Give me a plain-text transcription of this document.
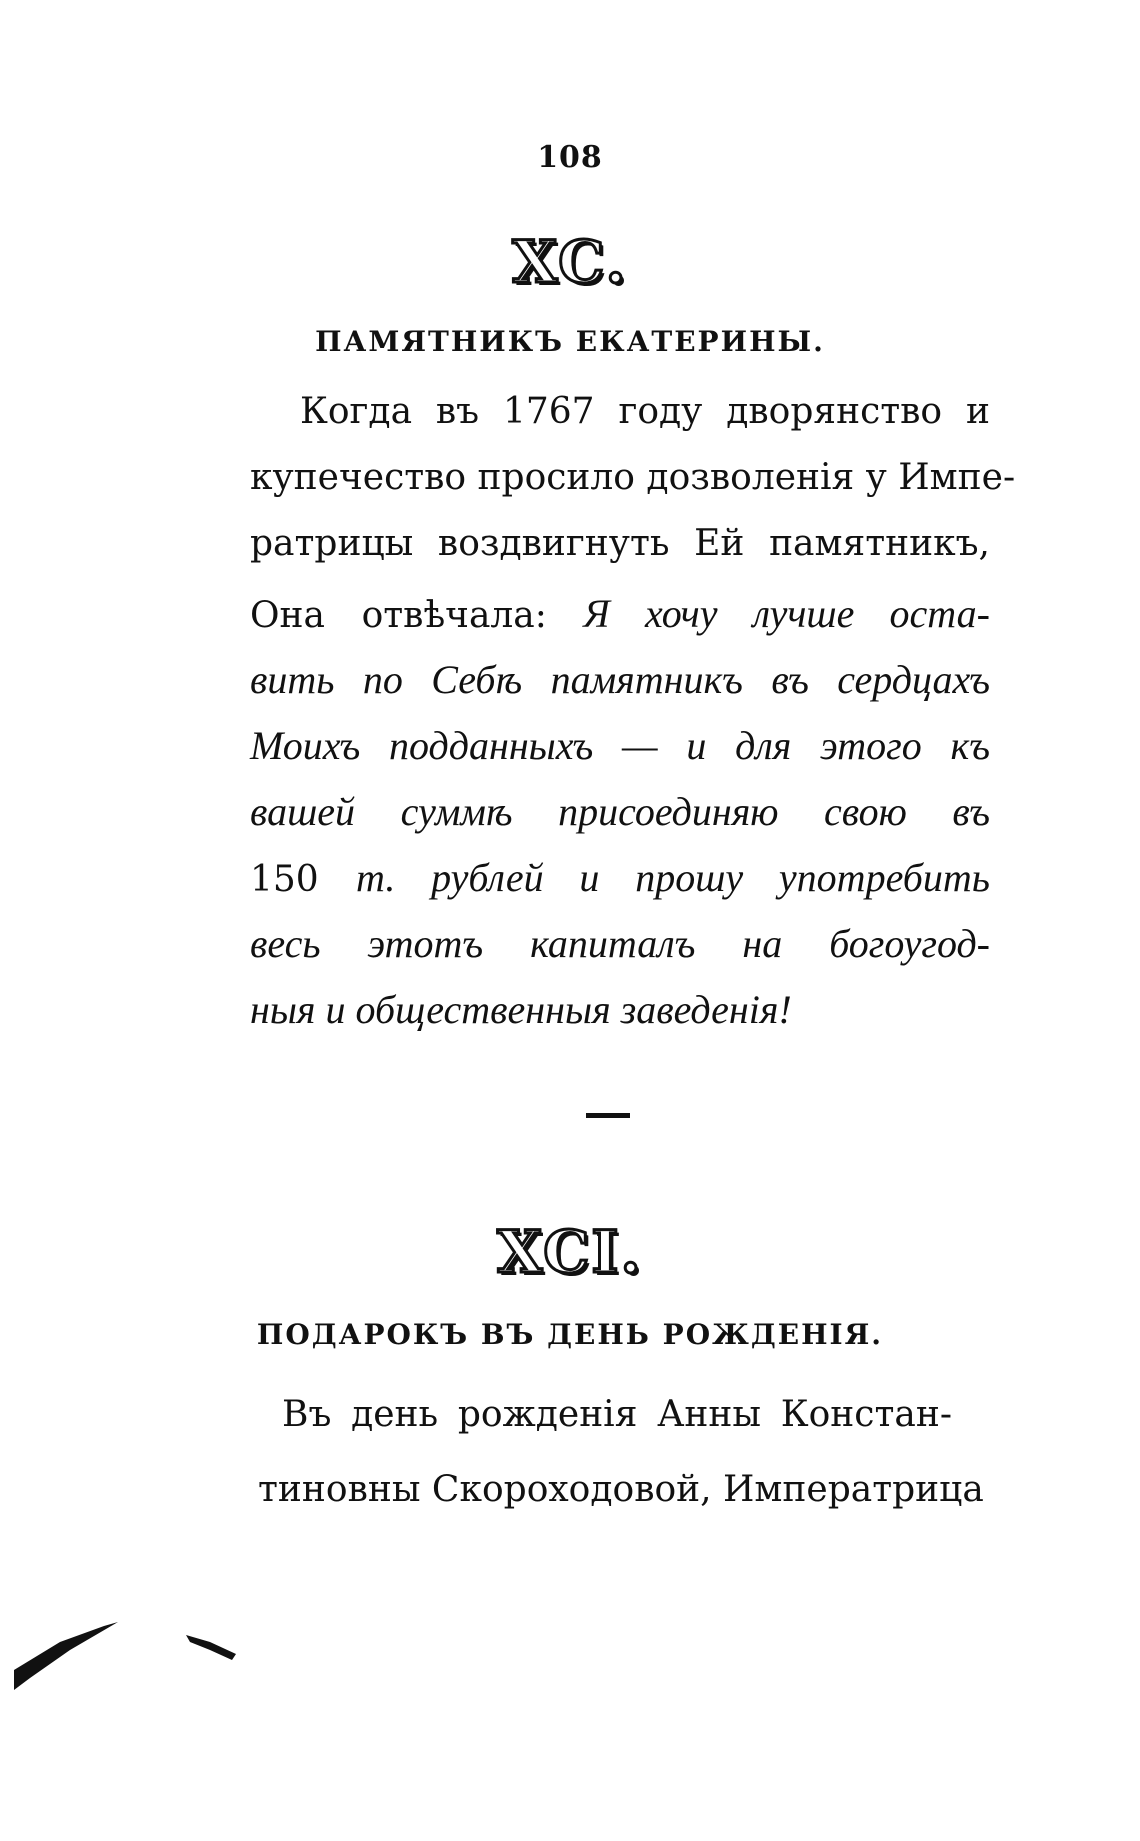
108
XC.
ПАМЯТНИКЪ ЕКАТЕРИНЫ.
Когда въ 1767 году дворянство и
купечество просило дозволенія у Импе-
ратрицы воздвигнуть Ей памятникъ,
Она отвѣчала: Я хочу лучше оста-
вить по Себѣ памятникъ въ сердцахъ
Моихъ подданныхъ — и для этого къ
вашей суммѣ присоединяю свою въ
150 т. рублей и прошу употребить
весь этотъ капиталъ на богоугод-
ныя и общественныя заведенія!
XCI.
ПОДАРОКЪ ВЪ ДЕНЬ РОЖДЕНІЯ.
Въ день рожденія Анны Констан-
тиновны Скороходовой, Императрица
